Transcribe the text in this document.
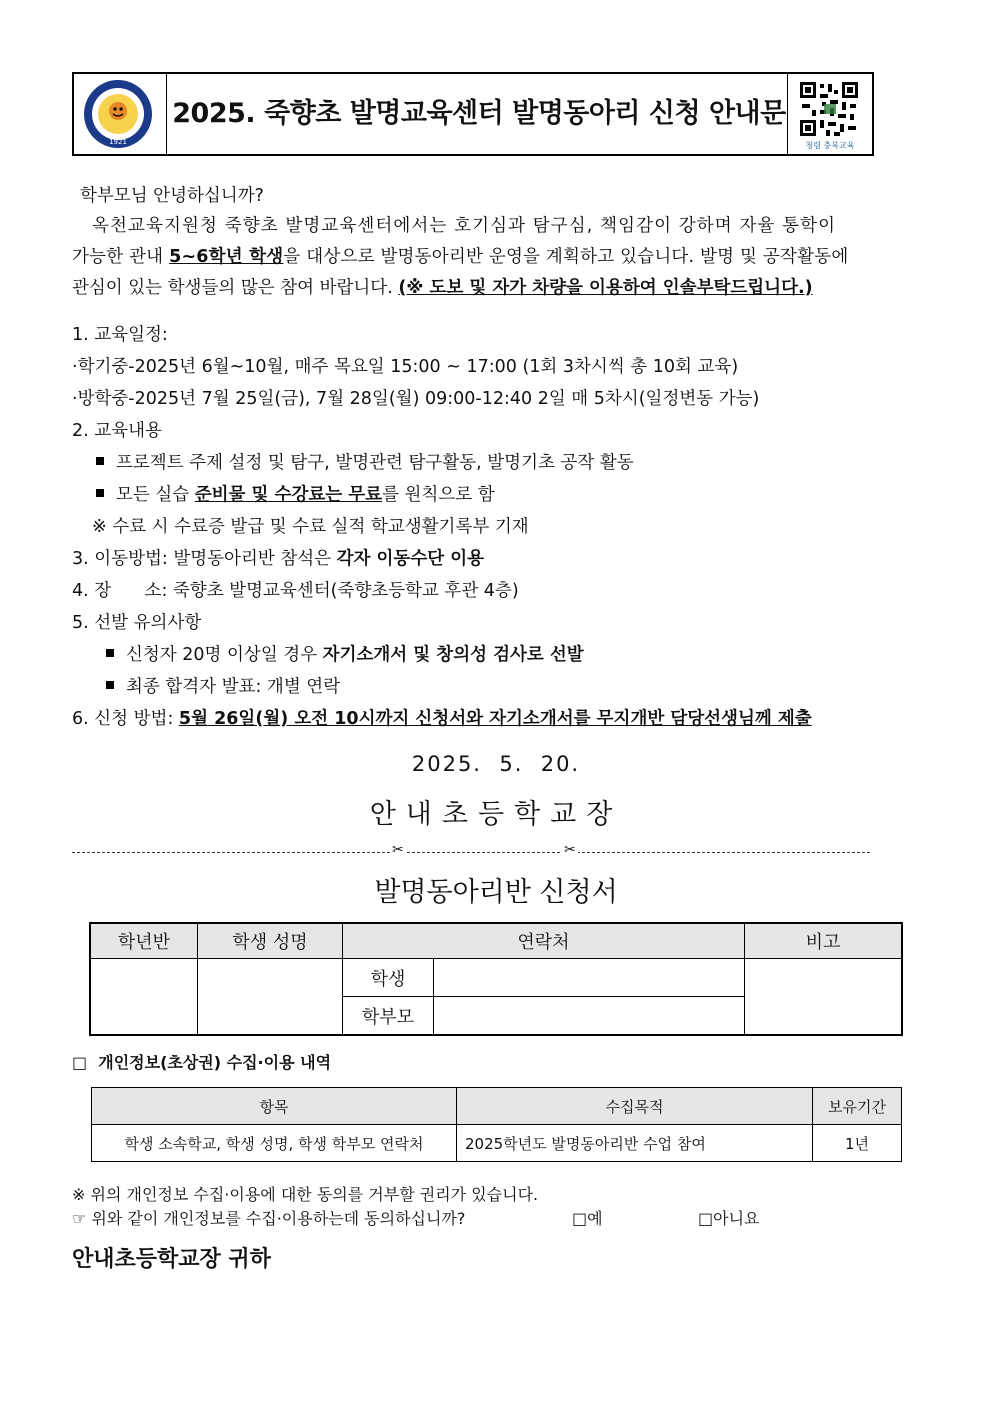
1921
2025. 죽향초 발명교육센터 발명동아리 신청 안내문
청렴 충북교육
학부모님 안녕하십니까?
옥천교육지원청 죽향초 발명교육센터에서는 호기심과 탐구심, 책임감이 강하며 자율 통학이
가능한 관내 5~6학년 학생을 대상으로 발명동아리반 운영을 계획하고 있습니다. 발명 및 공작활동에
관심이 있는 학생들의 많은 참여 바랍니다. (※ 도보 및 자가 차량을 이용하여 인솔부탁드립니다.)
1. 교육일정:
·학기중-2025년 6월~10월, 매주 목요일 15:00 ~ 17:00 (1회 3차시씩 총 10회 교육)
·방학중-2025년 7월 25일(금), 7월 28일(월) 09:00-12:40 2일 매 5차시(일정변동 가능)
2. 교육내용
프로젝트 주제 설정 및 탐구, 발명관련 탐구활동, 발명기초 공작 활동
모든 실습 준비물 및 수강료는 무료를 원칙으로 함
※ 수료 시 수료증 발급 및 수료 실적 학교생활기록부 기재
3. 이동방법: 발명동아리반 참석은 각자 이동수단 이용
4. 장      소: 죽향초 발명교육센터(죽향초등학교 후관 4층)
5. 선발 유의사항
신청자 20명 이상일 경우 자기소개서 및 창의성 검사로 선발
최종 합격자 발표: 개별 연락
6. 신청 방법: 5월 26일(월) 오전 10시까지 신청서와 자기소개서를 무지개반 담당선생님께 제출
2025.  5.  20.
안내초등학교장
✂	✂
발명동아리반 신청서
학년반	학생 성명	연락처		비고
		학생		
		학부모		
□  개인정보(초상권) 수집·이용 내역
항목	수집목적	보유기간
학생 소속학교, 학생 성명, 학생 학부모 연락처	2025학년도 발명동아리반 수업 참여	1년
※ 위의 개인정보 수집·이용에 대한 동의를 거부할 권리가 있습니다.
☞ 위와 같이 개인정보를 수집·이용하는데 동의하십니까?	□예	□아니요
안내초등학교장 귀하
